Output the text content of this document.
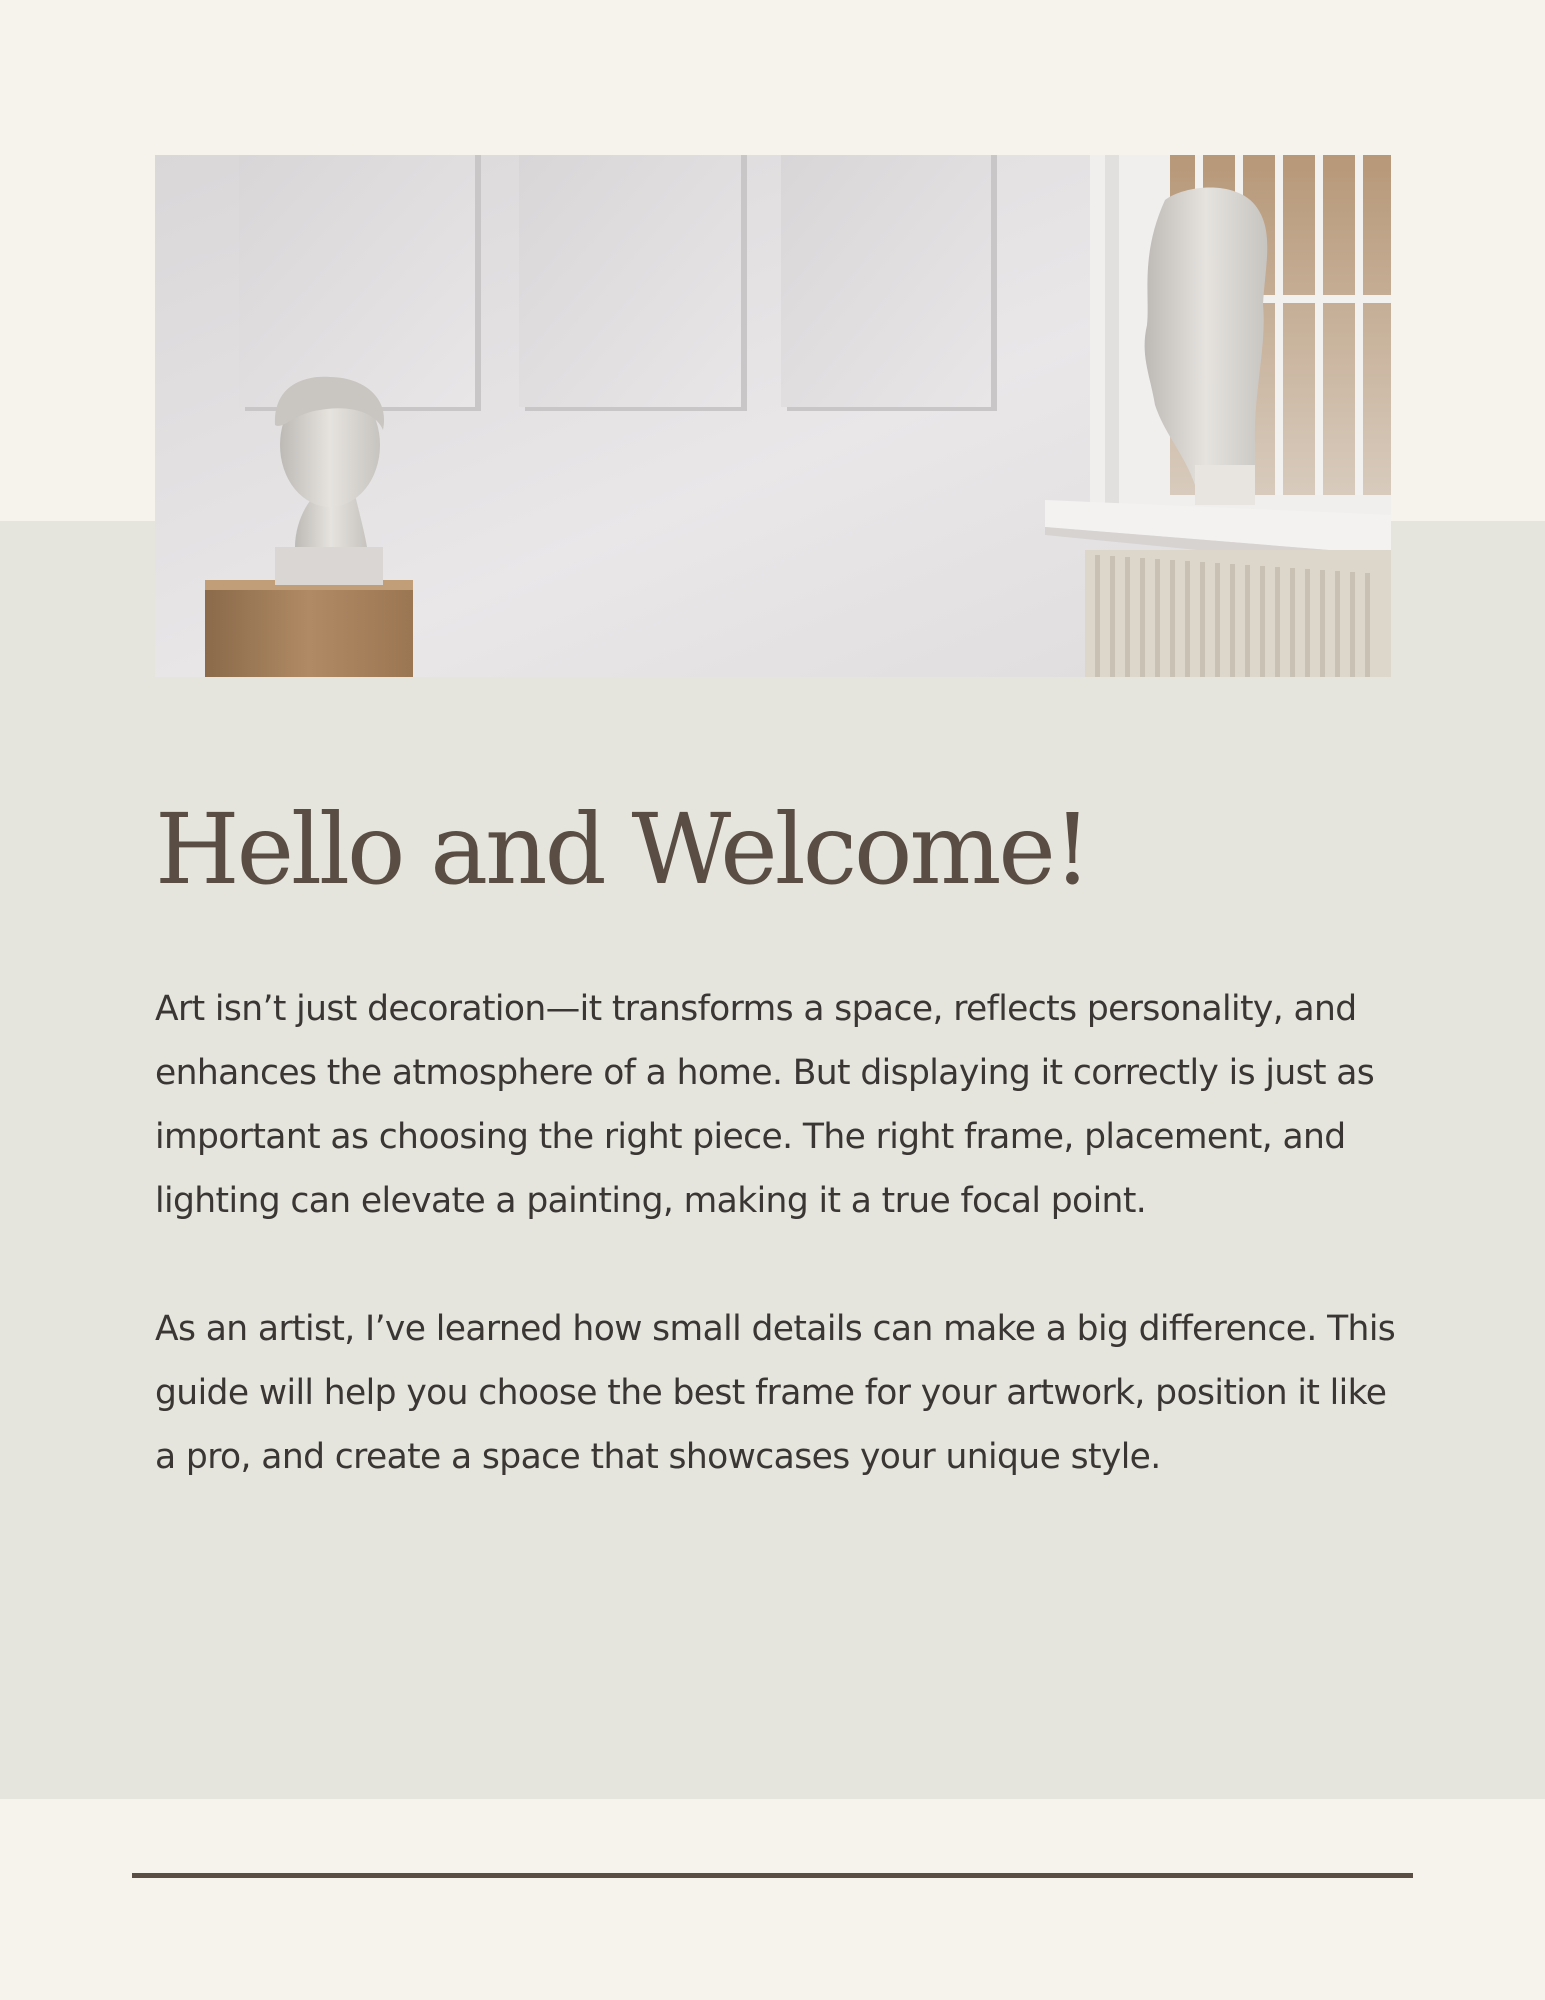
Hello and Welcome!

Art isn’t just decoration—it transforms a space, reflects personality, and enhances the atmosphere of a home. But displaying it correctly is just as important as choosing the right piece. The right frame, placement, and lighting can elevate a painting, making it a true focal point.

As an artist, I’ve learned how small details can make a big difference. This guide will help you choose the best frame for your artwork, position it like a pro, and create a space that showcases your unique style.
